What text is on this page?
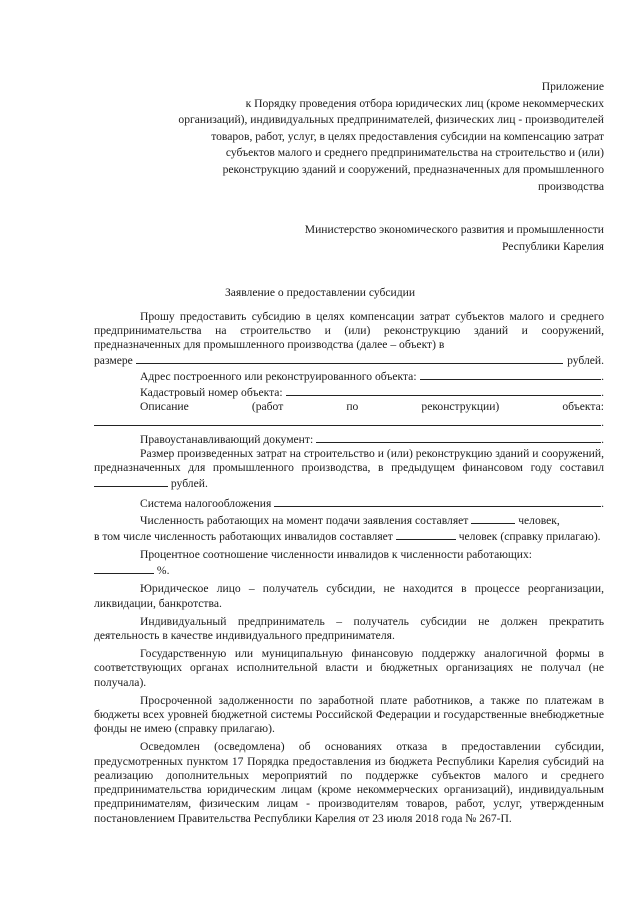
Приложение
к Порядку проведения отбора юридических лиц (кроме некоммерческих
организаций), индивидуальных предпринимателей, физических лиц - производителей
товаров, работ, услуг, в целях предоставления субсидии на компенсацию затрат
субъектов малого и среднего предпринимательства на строительство и (или)
реконструкцию зданий и сооружений, предназначенных для промышленного
производства
Министерство экономического развития и промышленности
Республики Карелия
Заявление о предоставлении субсидии

Прошу предоставить субсидию в целях компенсации затрат субъектов малого и среднего предпринимательства на строительство и (или) реконструкцию зданий и сооружений, предназначенных для промышленного производства (далее – объект) в

размере	рублей.
Адрес построенного или реконструированного объекта:	.
Кадастровый номер объекта:	.
Описание	(работ	по	реконструкции)	объекта:
.
Правоустанавливающий документ:	.

Размер произведенных затрат на строительство и (или) реконструкцию зданий и сооружений, предназначенных для промышленного производства, в предыдущем финансовом году составил  рублей.

Система налогообложения	.

Численность работающих на момент подачи заявления составляет	человек,

в том числе численность работающих инвалидов составляет	человек (справку прилагаю).

Процентное соотношение численности инвалидов к численности работающих:

%.

Юридическое лицо – получатель субсидии, не находится в процессе реорганизации, ликвидации, банкротства.

Индивидуальный предприниматель – получатель субсидии не должен прекратить деятельность в качестве индивидуального предпринимателя.

Государственную или муниципальную финансовую поддержку аналогичной формы в соответствующих органах исполнительной власти и бюджетных организациях не получал (не получала).

Просроченной задолженности по заработной плате работников, а также по платежам в бюджеты всех уровней бюджетной системы Российской Федерации и государственные внебюджетные фонды не имею (справку прилагаю).

Осведомлен (осведомлена) об основаниях отказа в предоставлении субсидии, предусмотренных пунктом 17 Порядка предоставления из бюджета Республики Карелия субсидий на реализацию дополнительных мероприятий по поддержке субъектов малого и среднего предпринимательства юридическим лицам (кроме некоммерческих организаций), индивидуальным предпринимателям, физическим лицам - производителям товаров, работ, услуг, утвержденным постановлением Правительства Республики Карелия от 23 июля 2018 года № 267-П.
